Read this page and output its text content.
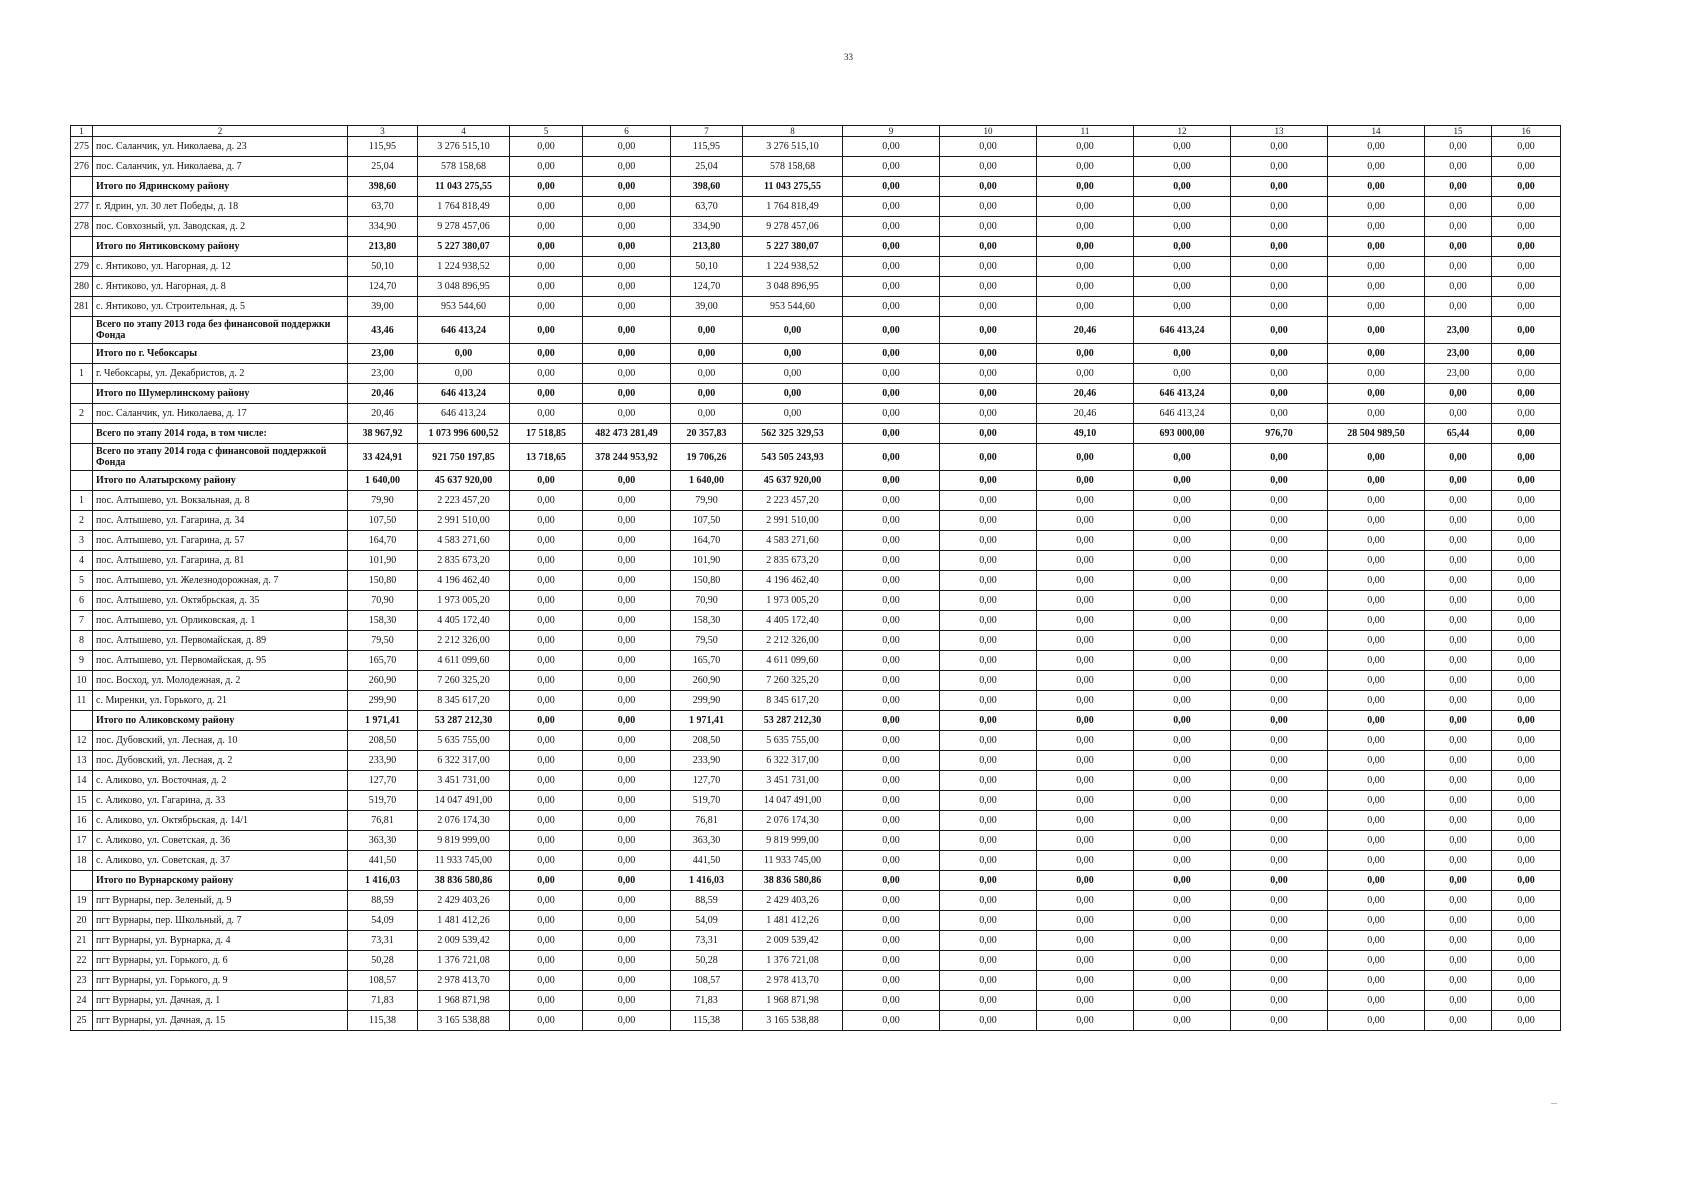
33
1	2	3	4	5	6	7	8	9	10	11	12	13	14	15	16
275	пос. Саланчик, ул. Николаева, д. 23	115,95	3 276 515,10	0,00	0,00	115,95	3 276 515,10	0,00	0,00	0,00	0,00	0,00	0,00	0,00	0,00
276	пос. Саланчик, ул. Николаева, д. 7	25,04	578 158,68	0,00	0,00	25,04	578 158,68	0,00	0,00	0,00	0,00	0,00	0,00	0,00	0,00
	Итого по Ядринскому району	398,60	11 043 275,55	0,00	0,00	398,60	11 043 275,55	0,00	0,00	0,00	0,00	0,00	0,00	0,00	0,00
277	г. Ядрин, ул. 30 лет Победы, д. 18	63,70	1 764 818,49	0,00	0,00	63,70	1 764 818,49	0,00	0,00	0,00	0,00	0,00	0,00	0,00	0,00
278	пос. Совхозный, ул. Заводская, д. 2	334,90	9 278 457,06	0,00	0,00	334,90	9 278 457,06	0,00	0,00	0,00	0,00	0,00	0,00	0,00	0,00
	Итого по Янтиковскому району	213,80	5 227 380,07	0,00	0,00	213,80	5 227 380,07	0,00	0,00	0,00	0,00	0,00	0,00	0,00	0,00
279	с. Янтиково, ул. Нагорная, д. 12	50,10	1 224 938,52	0,00	0,00	50,10	1 224 938,52	0,00	0,00	0,00	0,00	0,00	0,00	0,00	0,00
280	с. Янтиково, ул. Нагорная, д. 8	124,70	3 048 896,95	0,00	0,00	124,70	3 048 896,95	0,00	0,00	0,00	0,00	0,00	0,00	0,00	0,00
281	с. Янтиково, ул. Строительная, д. 5	39,00	953 544,60	0,00	0,00	39,00	953 544,60	0,00	0,00	0,00	0,00	0,00	0,00	0,00	0,00
	Всего по этапу 2013 года без финансовой поддержки Фонда	43,46	646 413,24	0,00	0,00	0,00	0,00	0,00	0,00	20,46	646 413,24	0,00	0,00	23,00	0,00
	Итого по г. Чебоксары	23,00	0,00	0,00	0,00	0,00	0,00	0,00	0,00	0,00	0,00	0,00	0,00	23,00	0,00
1	г. Чебоксары, ул. Декабристов, д. 2	23,00	0,00	0,00	0,00	0,00	0,00	0,00	0,00	0,00	0,00	0,00	0,00	23,00	0,00
	Итого по Шумерлинскому району	20,46	646 413,24	0,00	0,00	0,00	0,00	0,00	0,00	20,46	646 413,24	0,00	0,00	0,00	0,00
2	пос. Саланчик, ул. Николаева, д. 17	20,46	646 413,24	0,00	0,00	0,00	0,00	0,00	0,00	20,46	646 413,24	0,00	0,00	0,00	0,00
	Всего по этапу 2014 года, в том числе:	38 967,92	1 073 996 600,52	17 518,85	482 473 281,49	20 357,83	562 325 329,53	0,00	0,00	49,10	693 000,00	976,70	28 504 989,50	65,44	0,00
	Всего по этапу 2014 года с финансовой поддержкой Фонда	33 424,91	921 750 197,85	13 718,65	378 244 953,92	19 706,26	543 505 243,93	0,00	0,00	0,00	0,00	0,00	0,00	0,00	0,00
	Итого по Алатырскому району	1 640,00	45 637 920,00	0,00	0,00	1 640,00	45 637 920,00	0,00	0,00	0,00	0,00	0,00	0,00	0,00	0,00
1	пос. Алтышево, ул. Вокзальная, д. 8	79,90	2 223 457,20	0,00	0,00	79,90	2 223 457,20	0,00	0,00	0,00	0,00	0,00	0,00	0,00	0,00
2	пос. Алтышево, ул. Гагарина, д. 34	107,50	2 991 510,00	0,00	0,00	107,50	2 991 510,00	0,00	0,00	0,00	0,00	0,00	0,00	0,00	0,00
3	пос. Алтышево, ул. Гагарина, д. 57	164,70	4 583 271,60	0,00	0,00	164,70	4 583 271,60	0,00	0,00	0,00	0,00	0,00	0,00	0,00	0,00
4	пос. Алтышево, ул. Гагарина, д. 81	101,90	2 835 673,20	0,00	0,00	101,90	2 835 673,20	0,00	0,00	0,00	0,00	0,00	0,00	0,00	0,00
5	пос. Алтышево, ул. Железнодорожная, д. 7	150,80	4 196 462,40	0,00	0,00	150,80	4 196 462,40	0,00	0,00	0,00	0,00	0,00	0,00	0,00	0,00
6	пос. Алтышево, ул. Октябрьская, д. 35	70,90	1 973 005,20	0,00	0,00	70,90	1 973 005,20	0,00	0,00	0,00	0,00	0,00	0,00	0,00	0,00
7	пос. Алтышево, ул. Орликовская, д. 1	158,30	4 405 172,40	0,00	0,00	158,30	4 405 172,40	0,00	0,00	0,00	0,00	0,00	0,00	0,00	0,00
8	пос. Алтышево, ул. Первомайская, д. 89	79,50	2 212 326,00	0,00	0,00	79,50	2 212 326,00	0,00	0,00	0,00	0,00	0,00	0,00	0,00	0,00
9	пос. Алтышево, ул. Первомайская, д. 95	165,70	4 611 099,60	0,00	0,00	165,70	4 611 099,60	0,00	0,00	0,00	0,00	0,00	0,00	0,00	0,00
10	пос. Восход, ул. Молодежная, д. 2	260,90	7 260 325,20	0,00	0,00	260,90	7 260 325,20	0,00	0,00	0,00	0,00	0,00	0,00	0,00	0,00
11	с. Миренки, ул. Горького, д. 21	299,90	8 345 617,20	0,00	0,00	299,90	8 345 617,20	0,00	0,00	0,00	0,00	0,00	0,00	0,00	0,00
	Итого по Аликовскому району	1 971,41	53 287 212,30	0,00	0,00	1 971,41	53 287 212,30	0,00	0,00	0,00	0,00	0,00	0,00	0,00	0,00
12	пос. Дубовский, ул. Лесная, д. 10	208,50	5 635 755,00	0,00	0,00	208,50	5 635 755,00	0,00	0,00	0,00	0,00	0,00	0,00	0,00	0,00
13	пос. Дубовский, ул. Лесная, д. 2	233,90	6 322 317,00	0,00	0,00	233,90	6 322 317,00	0,00	0,00	0,00	0,00	0,00	0,00	0,00	0,00
14	с. Аликово, ул. Восточная, д. 2	127,70	3 451 731,00	0,00	0,00	127,70	3 451 731,00	0,00	0,00	0,00	0,00	0,00	0,00	0,00	0,00
15	с. Аликово, ул. Гагарина, д. 33	519,70	14 047 491,00	0,00	0,00	519,70	14 047 491,00	0,00	0,00	0,00	0,00	0,00	0,00	0,00	0,00
16	с. Аликово, ул. Октябрьская, д. 14/1	76,81	2 076 174,30	0,00	0,00	76,81	2 076 174,30	0,00	0,00	0,00	0,00	0,00	0,00	0,00	0,00
17	с. Аликово, ул. Советская, д. 36	363,30	9 819 999,00	0,00	0,00	363,30	9 819 999,00	0,00	0,00	0,00	0,00	0,00	0,00	0,00	0,00
18	с. Аликово, ул. Советская, д. 37	441,50	11 933 745,00	0,00	0,00	441,50	11 933 745,00	0,00	0,00	0,00	0,00	0,00	0,00	0,00	0,00
	Итого по Вурнарскому району	1 416,03	38 836 580,86	0,00	0,00	1 416,03	38 836 580,86	0,00	0,00	0,00	0,00	0,00	0,00	0,00	0,00
19	пгт Вурнары, пер. Зеленый, д. 9	88,59	2 429 403,26	0,00	0,00	88,59	2 429 403,26	0,00	0,00	0,00	0,00	0,00	0,00	0,00	0,00
20	пгт Вурнары, пер. Школьный, д. 7	54,09	1 481 412,26	0,00	0,00	54,09	1 481 412,26	0,00	0,00	0,00	0,00	0,00	0,00	0,00	0,00
21	пгт Вурнары, ул. Вурнарка, д. 4	73,31	2 009 539,42	0,00	0,00	73,31	2 009 539,42	0,00	0,00	0,00	0,00	0,00	0,00	0,00	0,00
22	пгт Вурнары, ул. Горького, д. 6	50,28	1 376 721,08	0,00	0,00	50,28	1 376 721,08	0,00	0,00	0,00	0,00	0,00	0,00	0,00	0,00
23	пгт Вурнары, ул. Горького, д. 9	108,57	2 978 413,70	0,00	0,00	108,57	2 978 413,70	0,00	0,00	0,00	0,00	0,00	0,00	0,00	0,00
24	пгт Вурнары, ул. Дачная, д. 1	71,83	1 968 871,98	0,00	0,00	71,83	1 968 871,98	0,00	0,00	0,00	0,00	0,00	0,00	0,00	0,00
25	пгт Вурнары, ул. Дачная, д. 15	115,38	3 165 538,88	0,00	0,00	115,38	3 165 538,88	0,00	0,00	0,00	0,00	0,00	0,00	0,00	0,00
